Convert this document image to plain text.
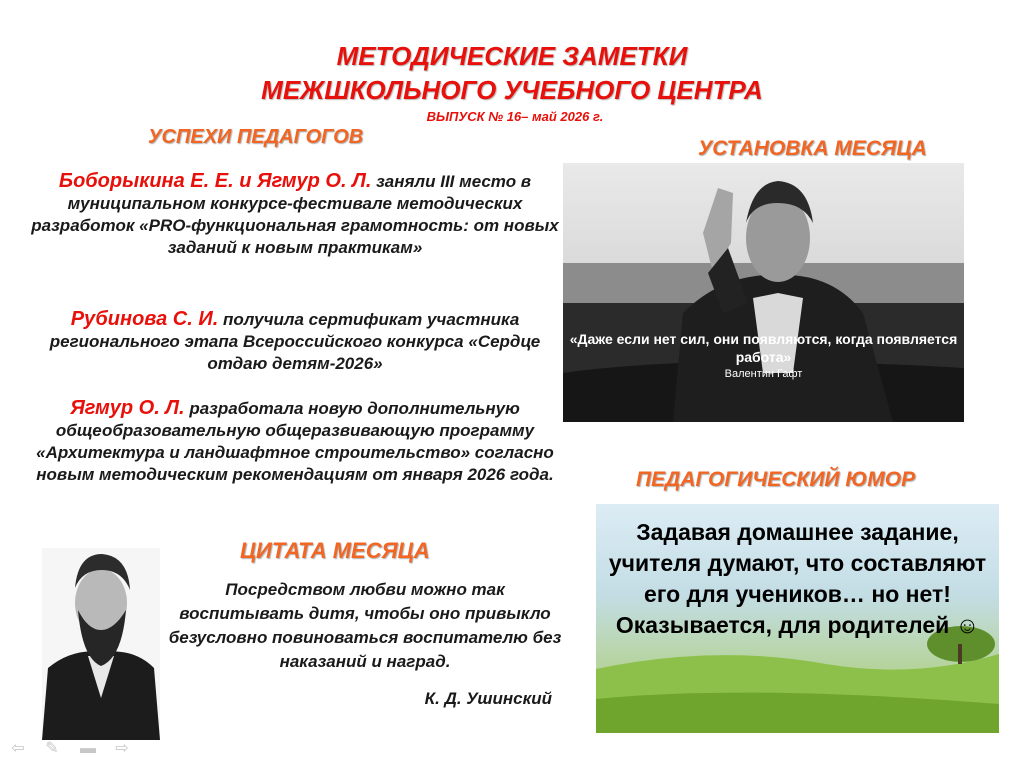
МЕТОДИЧЕСКИЕ ЗАМЕТКИ
МЕЖШКОЛЬНОГО УЧЕБНОГО ЦЕНТРА
ВЫПУСК № 16– май 2026 г.
УСПЕХИ ПЕДАГОГОВ
Боборыкина Е. Е. и Ягмур О. Л. заняли III место в муниципальном конкурсе-фестивале методических разработок «PRO-функциональная грамотность: от новых заданий к новым практикам»
Рубинова С. И. получила сертификат участника регионального этапа Всероссийского конкурса «Сердце отдаю детям-2026»
Ягмур О. Л. разработала новую дополнительную общеобразовательную общеразвивающую программу «Архитектура и ландшафтное строительство» согласно новым методическим рекомендациям от января 2026 года.
УСТАНОВКА МЕСЯЦА
«Даже если нет сил, они появляются, когда появляется работа»
Валентин Гафт
ЦИТАТА МЕСЯЦА
Посредством любви можно так воспитывать дитя, чтобы оно привыкло безусловно повиноваться воспитателю без наказаний и наград.
К. Д. Ушинский
ПЕДАГОГИЧЕСКИЙ ЮМОР
Задавая домашнее задание, учителя думают, что составляют его для учеников… но нет! Оказывается, для родителей ☺
⇦ ✎ ▬ ⇨
